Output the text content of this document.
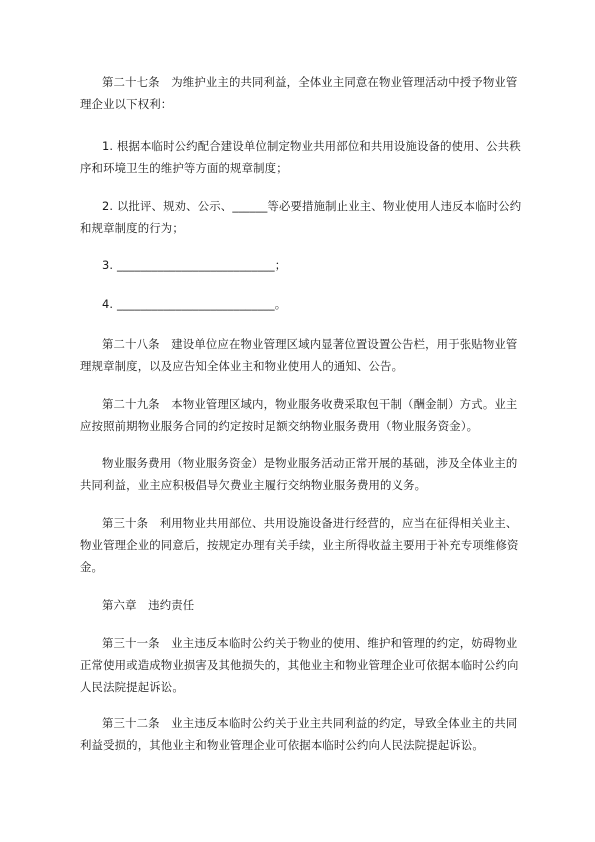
第二十七条　为维护业主的共同利益，全体业主同意在物业管理活动中授予物业管理企业以下权利：

1. 根据本临时公约配合建设单位制定物业共用部位和共用设施设备的使用、公共秩序和环境卫生的维护等方面的规章制度；

2. 以批评、规劝、公示、______等必要措施制止业主、物业使用人违反本临时公约和规章制度的行为；

3. ___________________________；

4. ___________________________。

第二十八条　建设单位应在物业管理区域内显著位置设置公告栏，用于张贴物业管理规章制度，以及应告知全体业主和物业使用人的通知、公告。

第二十九条　本物业管理区域内，物业服务收费采取包干制（酬金制）方式。业主应按照前期物业服务合同的约定按时足额交纳物业服务费用（物业服务资金）。

物业服务费用（物业服务资金）是物业服务活动正常开展的基础，涉及全体业主的共同利益，业主应积极倡导欠费业主履行交纳物业服务费用的义务。

第三十条　利用物业共用部位、共用设施设备进行经营的，应当在征得相关业主、物业管理企业的同意后，按规定办理有关手续，业主所得收益主要用于补充专项维修资金。

第六章　违约责任

第三十一条　业主违反本临时公约关于物业的使用、维护和管理的约定，妨碍物业正常使用或造成物业损害及其他损失的，其他业主和物业管理企业可依据本临时公约向人民法院提起诉讼。

第三十二条　业主违反本临时公约关于业主共同利益的约定，导致全体业主的共同利益受损的，其他业主和物业管理企业可依据本临时公约向人民法院提起诉讼。
